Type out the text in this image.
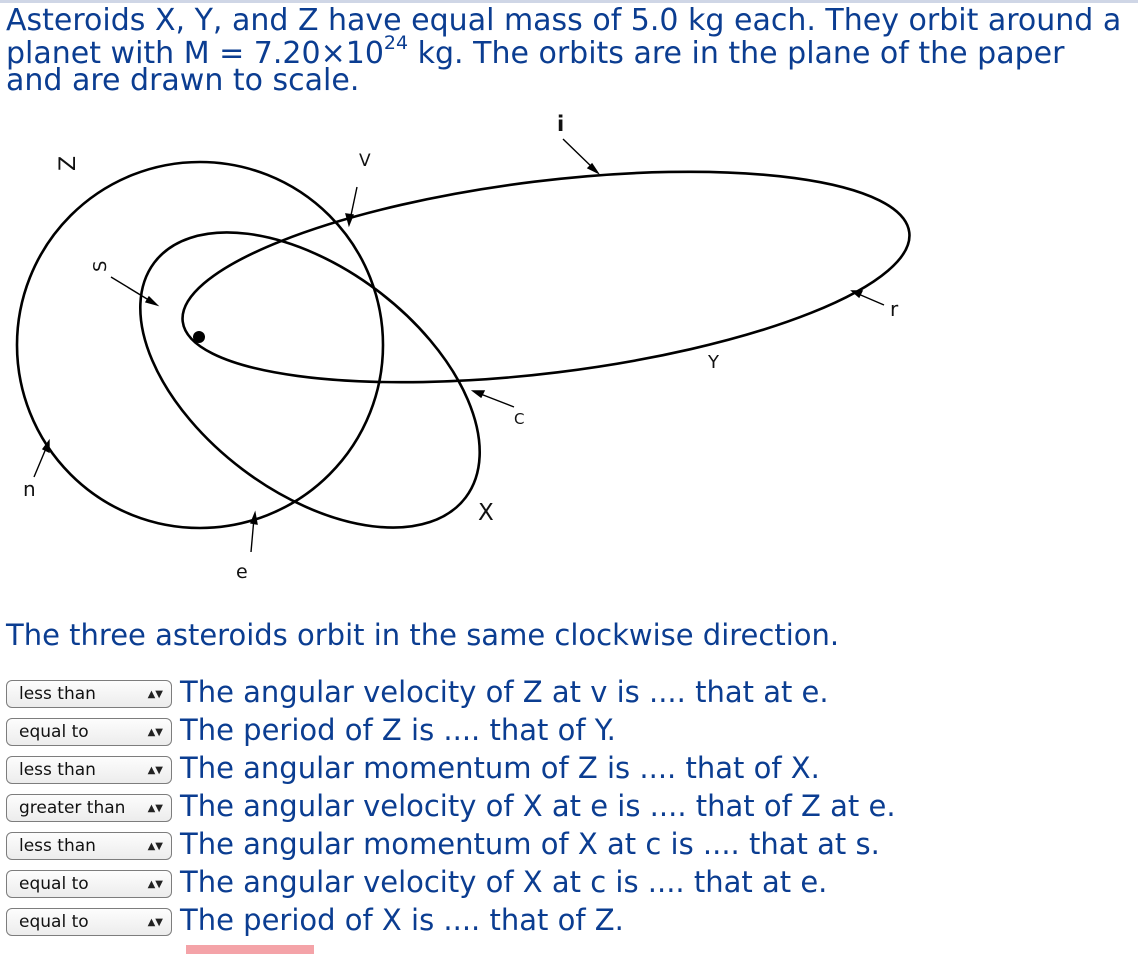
Asteroids X, Y, and Z have equal mass of 5.0 kg each. They orbit around a
planet with $M = 7.20\times 10^{24}$ kg. The orbits are in the plane of the paper
and are drawn to scale.
i
Z	V
S
r
Y
C
n
X
e

The three asteroids orbit in the same clockwise direction.

less than	▲▼ The angular velocity of Z at v is .... that at e.
equal to	▲▼ The period of Z is .... that of Y.
less than	▲▼ The angular momentum of Z is .... that of X.
greater than ▲▼ The angular velocity of X at e is .... that of Z at e.
less than	▲▼ The angular momentum of X at c is .... that at s.
equal to	▲▼ The angular velocity of X at c is .... that at e.
equal to	▲▼ The period of X is .... that of Z.
